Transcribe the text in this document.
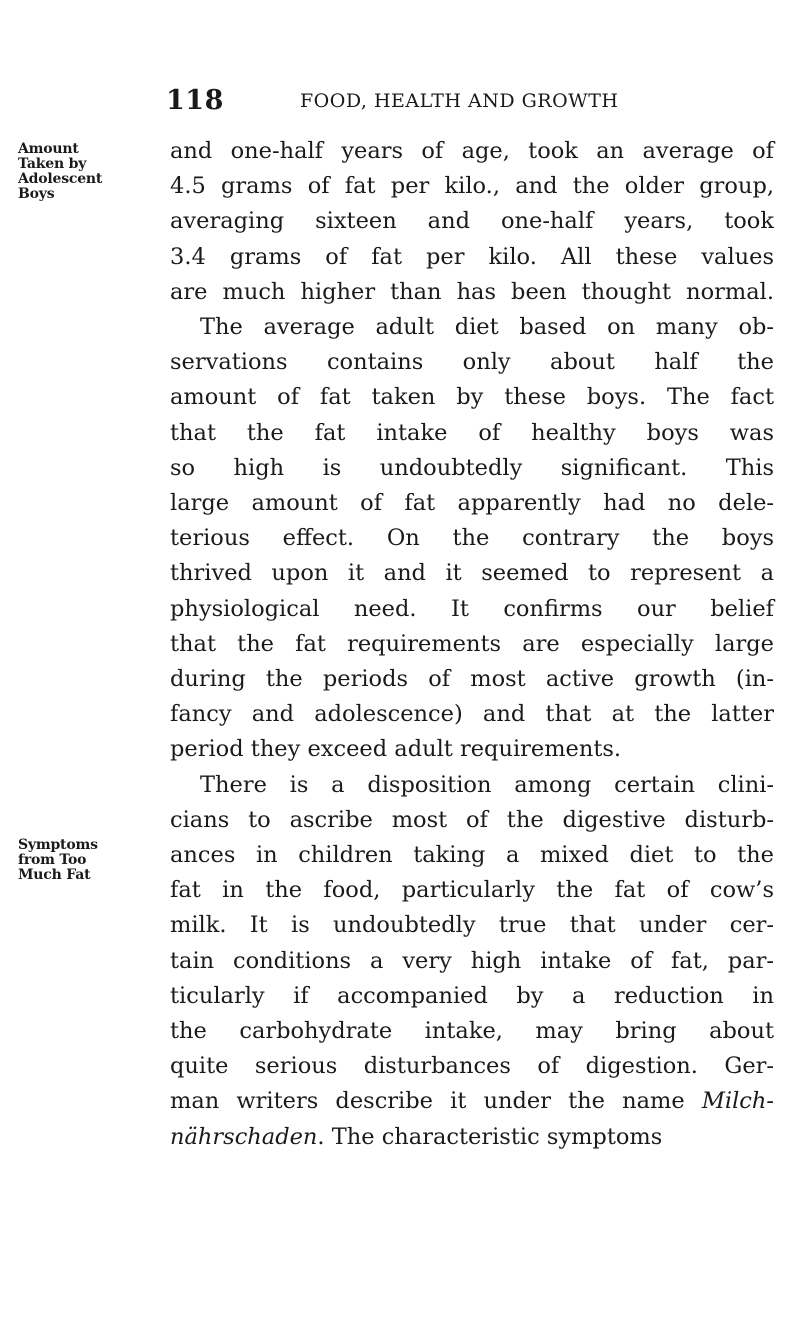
118	FOOD, HEALTH AND GROWTH
Amount
Taken by
Adolescent
Boys
Symptoms
from Too
Much Fat
and one-half years of age, took an average of
4.5 grams of fat per kilo., and the older group,
averaging sixteen and one-half years, took
3.4 grams of fat per kilo. All these values
are much higher than has been thought normal.
The average adult diet based on many ob-
servations contains only about half the
amount of fat taken by these boys. The fact
that the fat intake of healthy boys was
so high is undoubtedly significant. This
large amount of fat apparently had no dele-
terious effect. On the contrary the boys
thrived upon it and it seemed to represent a
physiological need. It confirms our belief
that the fat requirements are especially large
during the periods of most active growth (in-
fancy and adolescence) and that at the latter
period they exceed adult requirements.
There is a disposition among certain clini-
cians to ascribe most of the digestive disturb-
ances in children taking a mixed diet to the
fat in the food, particularly the fat of cow’s
milk. It is undoubtedly true that under cer-
tain conditions a very high intake of fat, par-
ticularly if accompanied by a reduction in
the carbohydrate intake, may bring about
quite serious disturbances of digestion. Ger-
man writers describe it under the name Milch-
nährschaden. The characteristic symptoms
